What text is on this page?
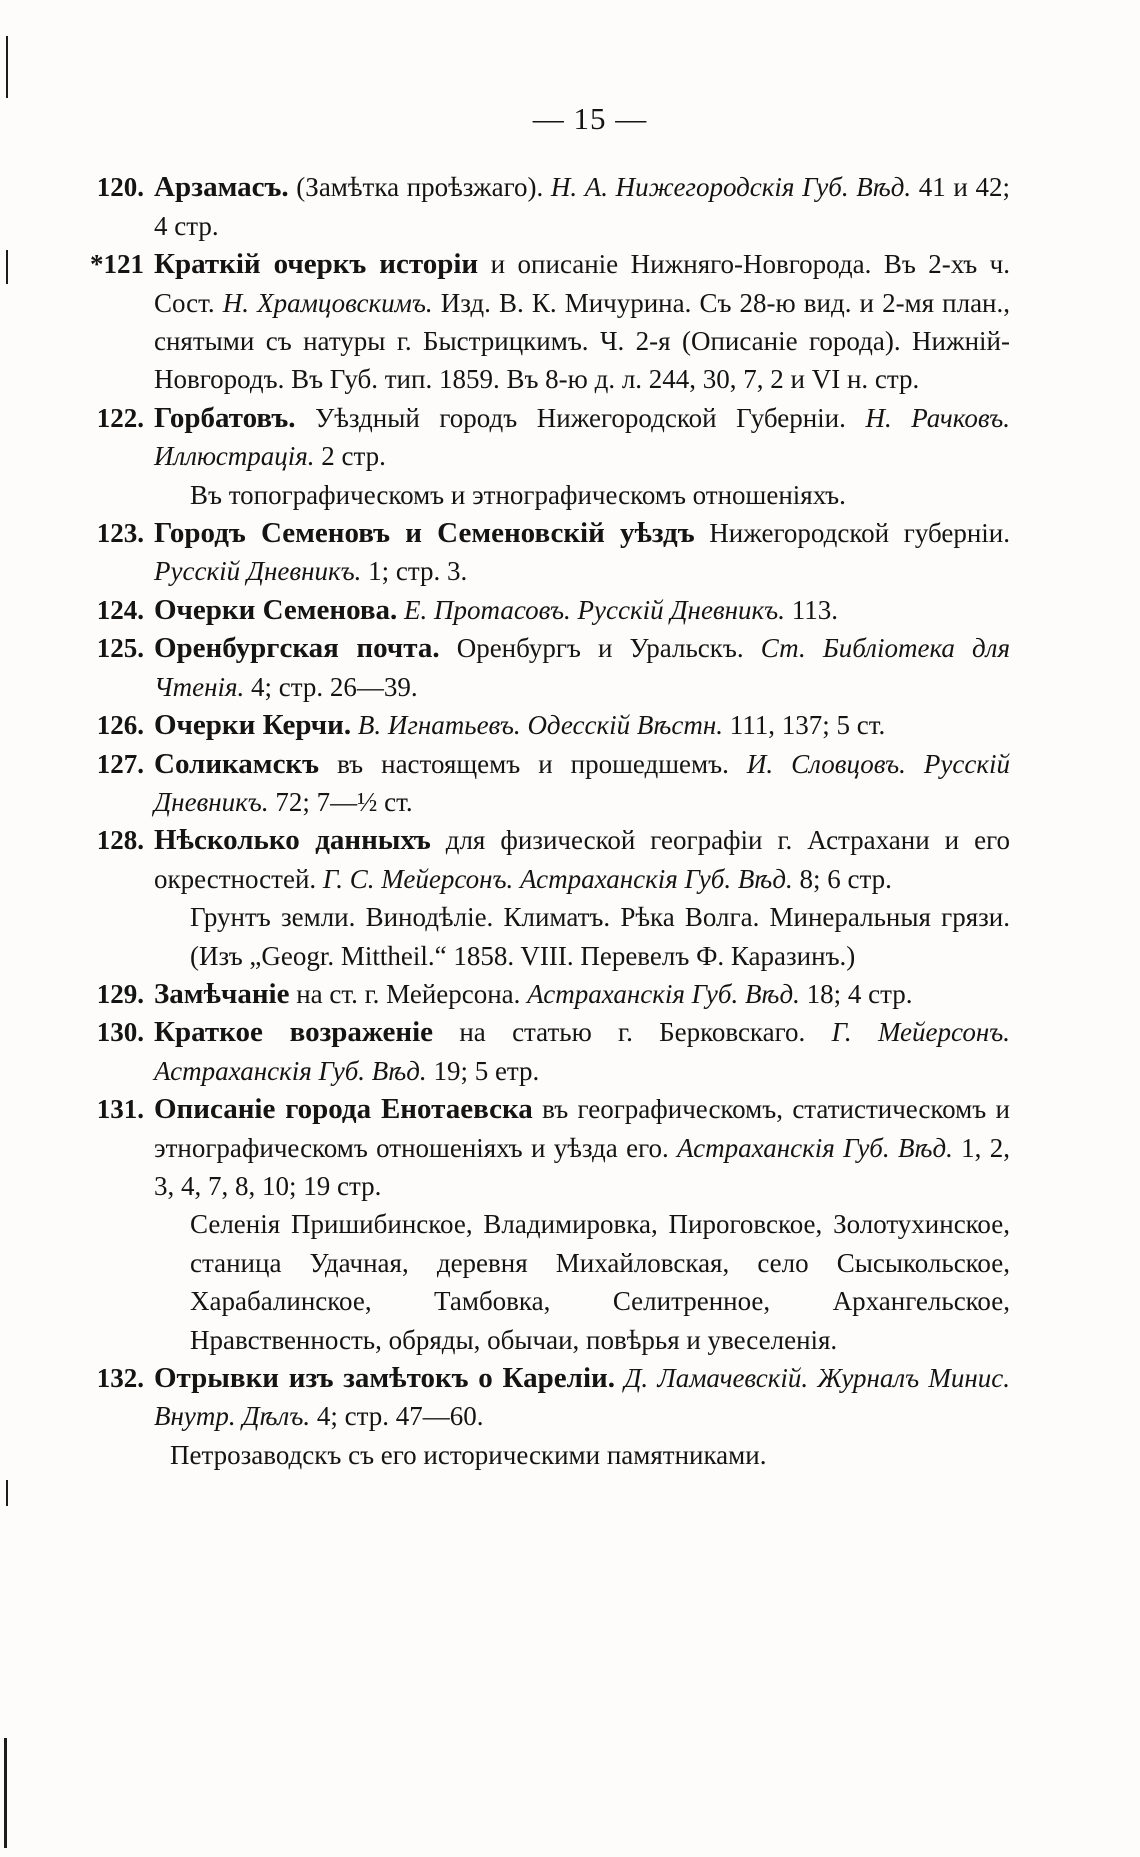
— 15 —
120. Арзамасъ. (Замѣтка проѣзжаго). Н. А. Нижегородскія Губ. Вѣд. 41 и 42; 4 стр.
*121 Краткій очеркъ исторіи и описаніе Нижняго-Новгорода. Въ 2-хъ ч. Сост. Н. Храмцовскимъ. Изд. В. К. Мичурина. Съ 28-ю вид. и 2-мя план., снятыми съ натуры г. Быстрицкимъ. Ч. 2-я (Описаніе города). Нижній-Новгородъ. Въ Губ. тип. 1859. Въ 8-ю д. л. 244, 30, 7, 2 и VI н. стр.
122. Горбатовъ. Уѣздный городъ Нижегородской Губерніи. Н. Рачковъ. Иллюстрація. 2 стр.
Въ топографическомъ и этнографическомъ отношеніяхъ.
123. Городъ Семеновъ и Семеновскій уѣздъ Нижегородской губерніи. Русскій Дневникъ. 1; стр. 3.
124. Очерки Семенова. Е. Протасовъ. Русскій Дневникъ. 113.
125. Оренбургская почта. Оренбургъ и Уральскъ. Ст. Библіотека для Чтенія. 4; стр. 26—39.
126. Очерки Керчи. В. Игнатьевъ. Одесскій Вѣстн. 111, 137; 5 ст.
127. Соликамскъ въ настоящемъ и прошедшемъ. И. Словцовъ. Русскій Дневникъ. 72; 7—½ ст.
128. Нѣсколько данныхъ для физической географіи г. Астрахани и его окрестностей. Г. С. Мейерсонъ. Астраханскія Губ. Вѣд. 8; 6 стр.
Грунтъ земли. Винодѣліе. Климатъ. Рѣка Волга. Минеральныя грязи. (Изъ „Geogr. Mittheil.“ 1858. VIII. Перевелъ Ф. Каразинъ.)
129. Замѣчаніе на ст. г. Мейерсона. Астраханскія Губ. Вѣд. 18; 4 стр.
130. Краткое возраженіе на статью г. Берковскаго. Г. Мейерсонъ. Астраханскія Губ. Вѣд. 19; 5 етр.
131. Описаніе города Енотаевска въ географическомъ, статистическомъ и этнографическомъ отношеніяхъ и уѣзда его. Астраханскія Губ. Вѣд. 1, 2, 3, 4, 7, 8, 10; 19 стр.
Селенія Пришибинское, Владимировка, Пироговское, Золотухинское, станица Удачная, деревня Михайловская, село Сысыкольское, Харабалинское, Тамбовка, Селитренное, Архангельское, Нравственность, обряды, обычаи, повѣрья и увеселенія.
132. Отрывки изъ замѣтокъ о Кареліи. Д. Ламачевскій. Журналъ Минис. Внутр. Дѣлъ. 4; стр. 47—60.
Петрозаводскъ съ его историческими памятниками.
